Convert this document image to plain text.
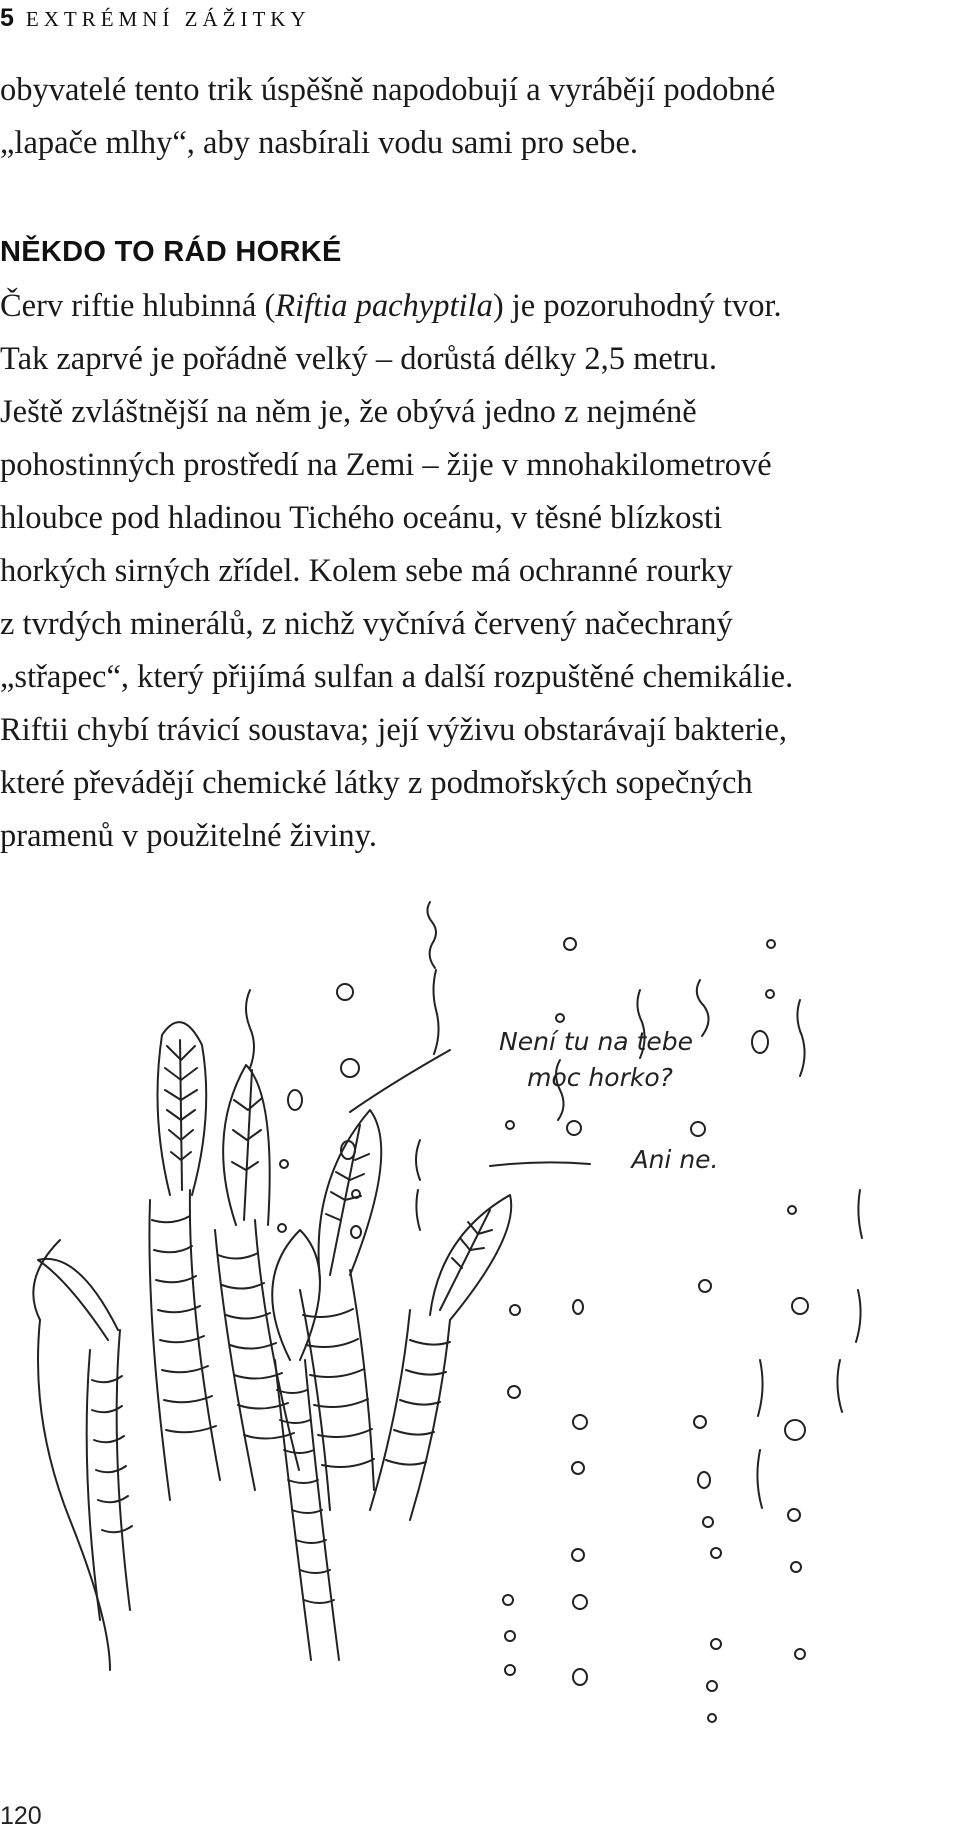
5 EXTRÉMNÍ ZÁŽITKY

obyvatelé tento trik úspěšně napodobují a vyrábějí podobné
„lapače mlhy“, aby nasbírali vodu sami pro sebe.

NĚKDO TO RÁD HORKÉ

Červ riftie hlubinná (Riftia pachyptila) je pozoruhodný tvor.
Tak zaprvé je pořádně velký – dorůstá délky 2,5 metru.
Ještě zvláštnější na něm je, že obývá jedno z nejméně
pohostinných prostředí na Zemi – žije v mnohakilometrové
hloubce pod hladinou Tichého oceánu, v těsné blízkosti
horkých sirných zřídel. Kolem sebe má ochranné rourky
z tvrdých minerálů, z nichž vyčnívá červený načechraný
„střapec“, který přijímá sulfan a další rozpuštěné chemikálie.
Riftii chybí trávicí soustava; její výživu obstarávají bakterie,
které převádějí chemické látky z podmořských sopečných
pramenů v použitelné živiny.

Není tu na tebe moc horko?
Ani ne.
120
